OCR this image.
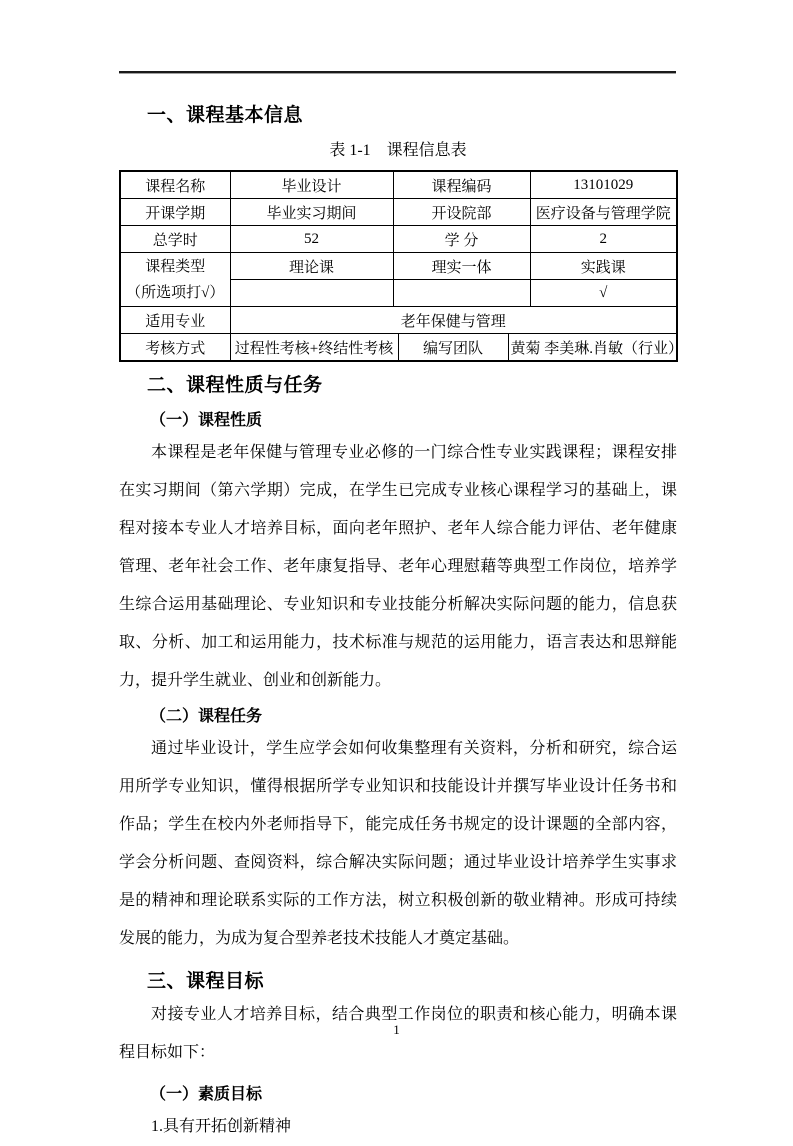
一、课程基本信息
表 1-1　课程信息表
课程名称	毕业设计	课程编码			13101029
开课学期	毕业实习期间	开设院部			医疗设备与管理学院
总学时	52	学 分			2

课程类型
（所选项打√）	理论课	理实一体			实践课
					√
适用专业	老年保健与管理				
考核方式	过程性考核+终结性考核		编写团队	黄菊 李美琳.肖敏（行业）	
二、课程性质与任务
（一）课程性质

本课程是老年保健与管理专业必修的一门综合性专业实践课程；课程安排在实习期间（第六学期）完成，在学生已完成专业核心课程学习的基础上，课程对接本专业人才培养目标，面向老年照护、老年人综合能力评估、老年健康管理、老年社会工作、老年康复指导、老年心理慰藉等典型工作岗位，培养学生综合运用基础理论、专业知识和专业技能分析解决实际问题的能力，信息获取、分析、加工和运用能力，技术标准与规范的运用能力，语言表达和思辩能力，提升学生就业、创业和创新能力。

（二）课程任务

通过毕业设计，学生应学会如何收集整理有关资料，分析和研究，综合运用所学专业知识，懂得根据所学专业知识和技能设计并撰写毕业设计任务书和作品；学生在校内外老师指导下，能完成任务书规定的设计课题的全部内容，学会分析问题、查阅资料，综合解决实际问题；通过毕业设计培养学生实事求是的精神和理论联系实际的工作方法，树立积极创新的敬业精神。形成可持续发展的能力，为成为复合型养老技术技能人才奠定基础。

三、课程目标

对接专业人才培养目标，结合典型工作岗位的职责和核心能力，明确本课程目标如下：

（一）素质目标

1.具有开拓创新精神

1
